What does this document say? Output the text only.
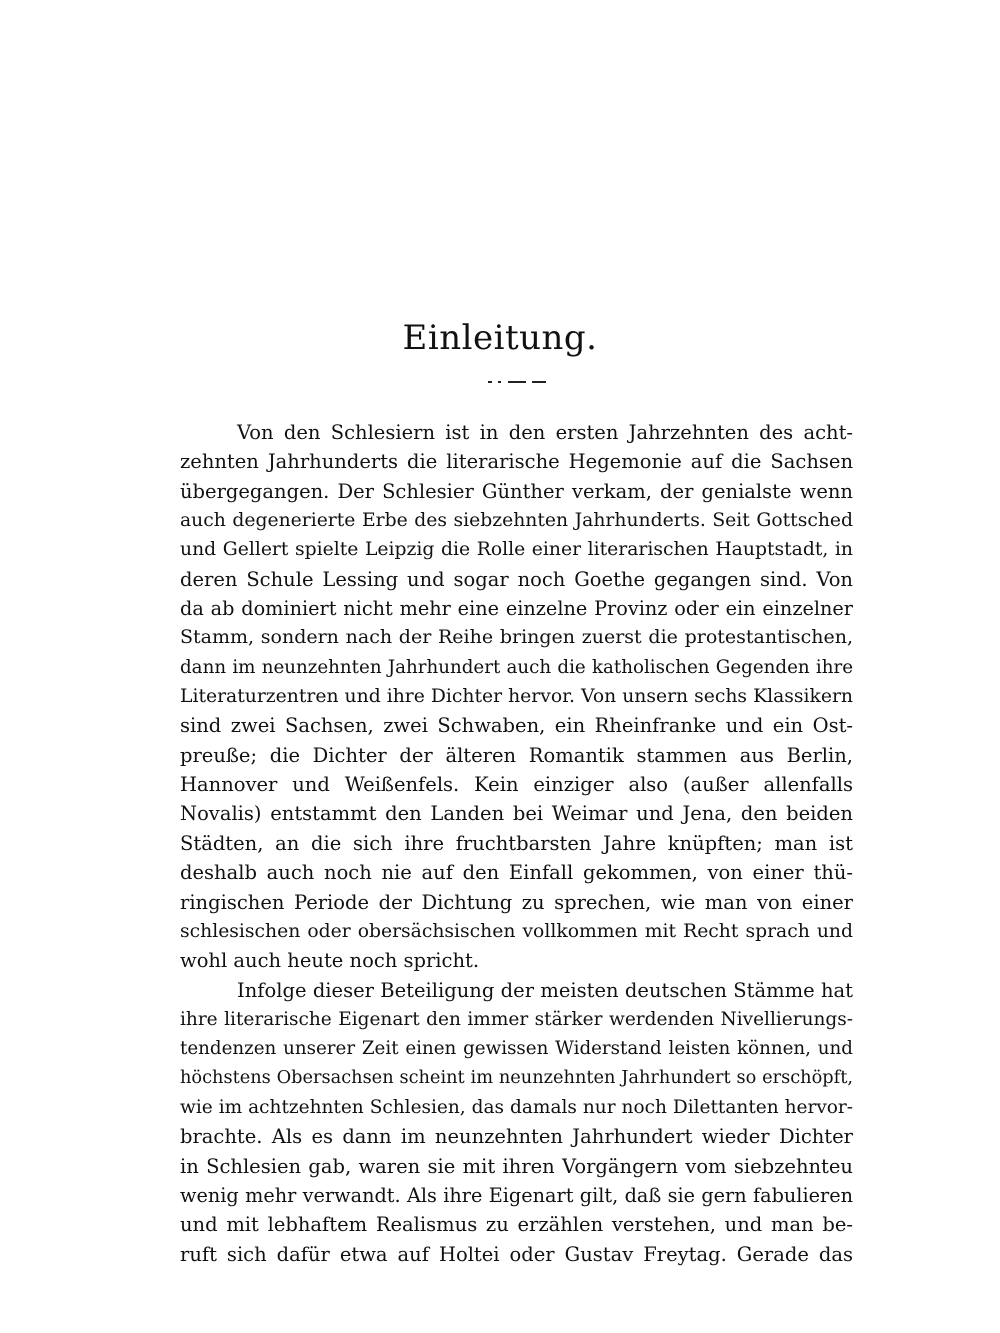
Einleitung.
Von den Schlesiern ist in den ersten Jahrzehnten des acht-
zehnten Jahrhunderts die literarische Hegemonie auf die Sachsen
übergegangen. Der Schlesier Günther verkam, der genialste wenn
auch degenerierte Erbe des siebzehnten Jahrhunderts. Seit Gottsched
und Gellert spielte Leipzig die Rolle einer literarischen Hauptstadt, in
deren Schule Lessing und sogar noch Goethe gegangen sind. Von
da ab dominiert nicht mehr eine einzelne Provinz oder ein einzelner
Stamm, sondern nach der Reihe bringen zuerst die protestantischen,
dann im neunzehnten Jahrhundert auch die katholischen Gegenden ihre
Literaturzentren und ihre Dichter hervor. Von unsern sechs Klassikern
sind zwei Sachsen, zwei Schwaben, ein Rheinfranke und ein Ost-
preuße; die Dichter der älteren Romantik stammen aus Berlin,
Hannover und Weißenfels. Kein einziger also (außer allenfalls
Novalis) entstammt den Landen bei Weimar und Jena, den beiden
Städten, an die sich ihre fruchtbarsten Jahre knüpften; man ist
deshalb auch noch nie auf den Einfall gekommen, von einer thü-
ringischen Periode der Dichtung zu sprechen, wie man von einer
schlesischen oder obersächsischen vollkommen mit Recht sprach und
wohl auch heute noch spricht.
Infolge dieser Beteiligung der meisten deutschen Stämme hat
ihre literarische Eigenart den immer stärker werdenden Nivellierungs-
tendenzen unserer Zeit einen gewissen Widerstand leisten können, und
höchstens Obersachsen scheint im neunzehnten Jahrhundert so erschöpft,
wie im achtzehnten Schlesien, das damals nur noch Dilettanten hervor-
brachte. Als es dann im neunzehnten Jahrhundert wieder Dichter
in Schlesien gab, waren sie mit ihren Vorgängern vom siebzehnteu
wenig mehr verwandt. Als ihre Eigenart gilt, daß sie gern fabulieren
und mit lebhaftem Realismus zu erzählen verstehen, und man be-
ruft sich dafür etwa auf Holtei oder Gustav Freytag. Gerade das
